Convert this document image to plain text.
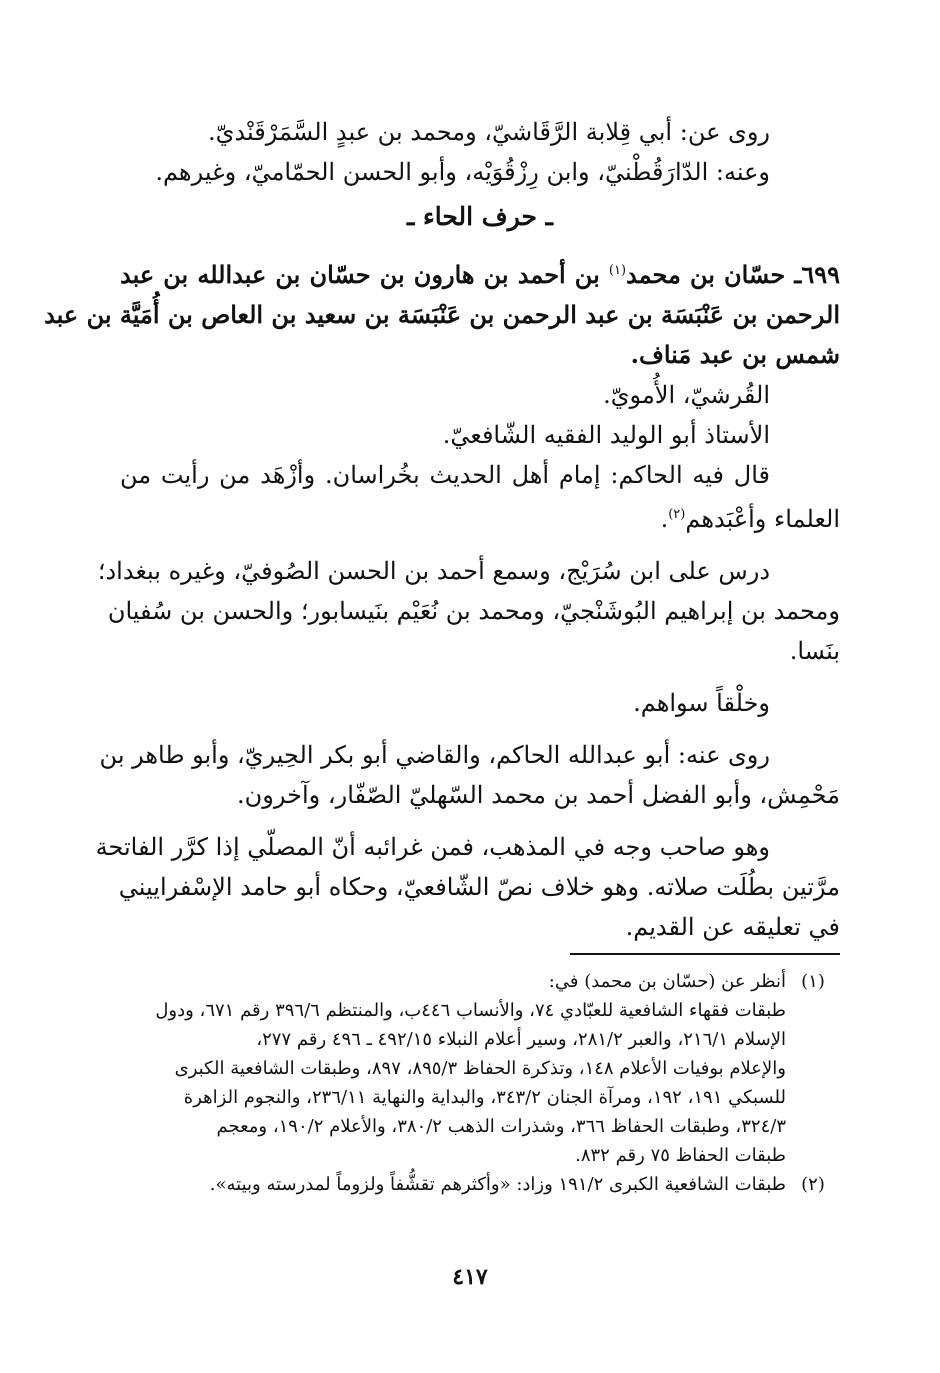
روى عن: أبي قِلابة الرَّقَاشيّ، ومحمد بن عبدٍ السَّمَرْقَنْديّ.
وعنه: الدّارَقُطْنيّ، وابن رِزْقُوَيْه، وأبو الحسن الحمّاميّ، وغيرهم.
ـ حرف الحاء ـ
٦٩٩ـ حسّان بن محمد$^{(١)}$ بن أحمد بن هارون بن حسّان بن عبدالله بن عبد
الرحمن بن عَنْبَسَة بن عبد الرحمن بن عَنْبَسَة بن سعيد بن العاص بن أُمَيَّة بن عبد
شمس بن عبد مَناف.
القُرشيّ، الأُمويّ.
الأستاذ أبو الوليد الفقيه الشّافعيّ.
قال فيه الحاكم: إمام أهل الحديث بخُراسان. وأزْهَد من رأيت من
العلماء وأعْبَدهم$^{(٢)}$.
درس على ابن سُرَيْج، وسمع أحمد بن الحسن الصُوفيّ، وغيره ببغداد؛
ومحمد بن إبراهيم البُوشَنْجيّ، ومحمد بن نُعَيْم بنَيسابور؛ والحسن بن سُفيان
بنَسا.
وخلْقاً سواهم.
روى عنه: أبو عبدالله الحاكم، والقاضي أبو بكر الحِيريّ، وأبو طاهر بن
مَحْمِش، وأبو الفضل أحمد بن محمد السّهليّ الصّفّار، وآخرون.
وهو صاحب وجه في المذهب، فمن غرائبه أنّ المصلّي إذا كرَّر الفاتحة
مرَّتين بطُلَت صلاته. وهو خلاف نصّ الشّافعيّ، وحكاه أبو حامد الإسْفراييني
في تعليقه عن القديم.
(١)
أنظر عن (حسّان بن محمد) في:
طبقات فقهاء الشافعية للعبّادي ٧٤، والأنساب ٤٤٦ب، والمنتظم ٣٩٦/٦ رقم ٦٧١، ودول
الإسلام ٢١٦/١، والعبر ٢٨١/٢، وسير أعلام النبلاء ٤٩٢/١٥ ـ ٤٩٦ رقم ٢٧٧،
والإعلام بوفيات الأعلام ١٤٨، وتذكرة الحفاظ ٨٩٥/٣، ٨٩٧، وطبقات الشافعية الكبرى
للسبكي ١٩١، ١٩٢، ومرآة الجنان ٣٤٣/٢، والبداية والنهاية ٢٣٦/١١، والنجوم الزاهرة
٣٢٤/٣، وطبقات الحفاظ ٣٦٦، وشذرات الذهب ٣٨٠/٢، والأعلام ١٩٠/٢، ومعجم
طبقات الحفاظ ٧٥ رقم ٨٣٢.
(٢)
طبقات الشافعية الكبرى ١٩١/٢ وزاد: «وأكثرهم تقشُّفاً ولزوماً لمدرسته وبيته».
٤١٧
